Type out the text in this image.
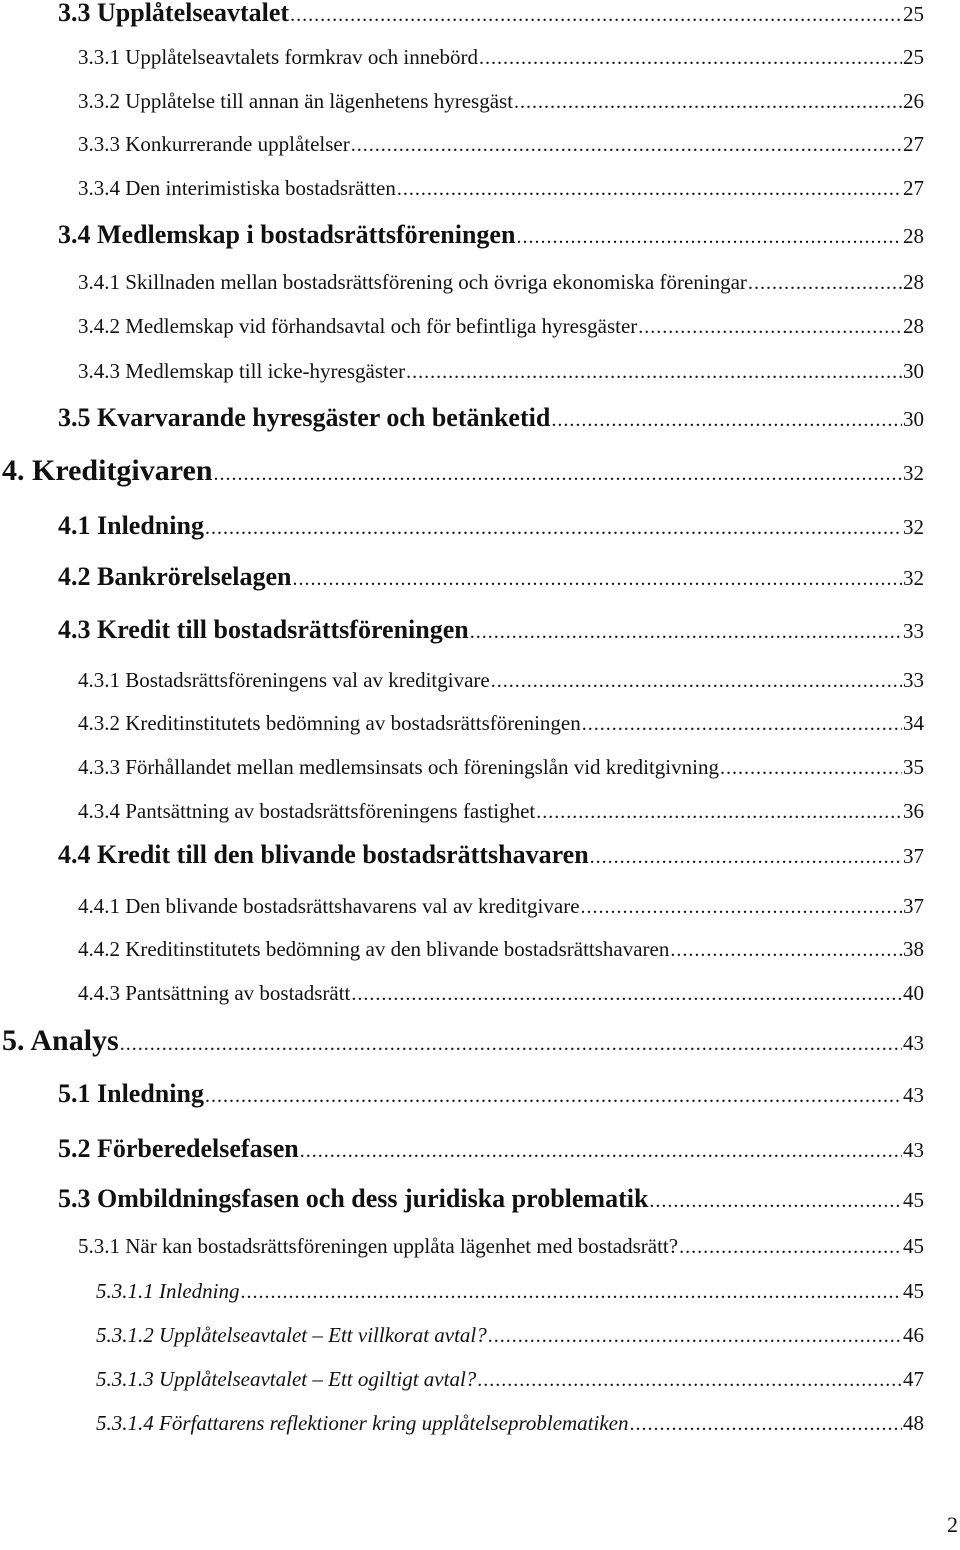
3.3 Upplåtelseavtalet .....	25
3.3.1 Upplåtelseavtalets formkrav och innebörd .....	25
3.3.2 Upplåtelse till annan än lägenhetens hyresgäst .....	26
3.3.3 Konkurrerande upplåtelser .....	27
3.3.4 Den interimistiska bostadsrätten .....	27
3.4 Medlemskap i bostadsrättsföreningen .....	28
3.4.1 Skillnaden mellan bostadsrättsförening och övriga ekonomiska föreningar .....	28
3.4.2 Medlemskap vid förhandsavtal och för befintliga hyresgäster .....	28
3.4.3 Medlemskap till icke-hyresgäster .....	30
3.5 Kvarvarande hyresgäster och betänketid .....	30
4. Kreditgivaren .....	32
4.1 Inledning .....	32
4.2 Bankrörelselagen .....	32
4.3 Kredit till bostadsrättsföreningen .....	33
4.3.1 Bostadsrättsföreningens val av kreditgivare .....	33
4.3.2 Kreditinstitutets bedömning av bostadsrättsföreningen .....	34
4.3.3 Förhållandet mellan medlemsinsats och föreningslån vid kreditgivning .....	35
4.3.4 Pantsättning av bostadsrättsföreningens fastighet .....	36
4.4 Kredit till den blivande bostadsrättshavaren .....	37
4.4.1 Den blivande bostadsrättshavarens val av kreditgivare .....	37
4.4.2 Kreditinstitutets bedömning av den blivande bostadsrättshavaren .....	38
4.4.3 Pantsättning av bostadsrätt .....	40
5. Analys .....	43
5.1 Inledning .....	43
5.2 Förberedelsefasen .....	43
5.3 Ombildningsfasen och dess juridiska problematik .....	45
5.3.1 När kan bostadsrättsföreningen upplåta lägenhet med bostadsrätt? .....	45
5.3.1.1 Inledning .....	45
5.3.1.2 Upplåtelseavtalet – Ett villkorat avtal? .....	46
5.3.1.3 Upplåtelseavtalet – Ett ogiltigt avtal? .....	47
5.3.1.4 Författarens reflektioner kring upplåtelseproblematiken .....	48
2
